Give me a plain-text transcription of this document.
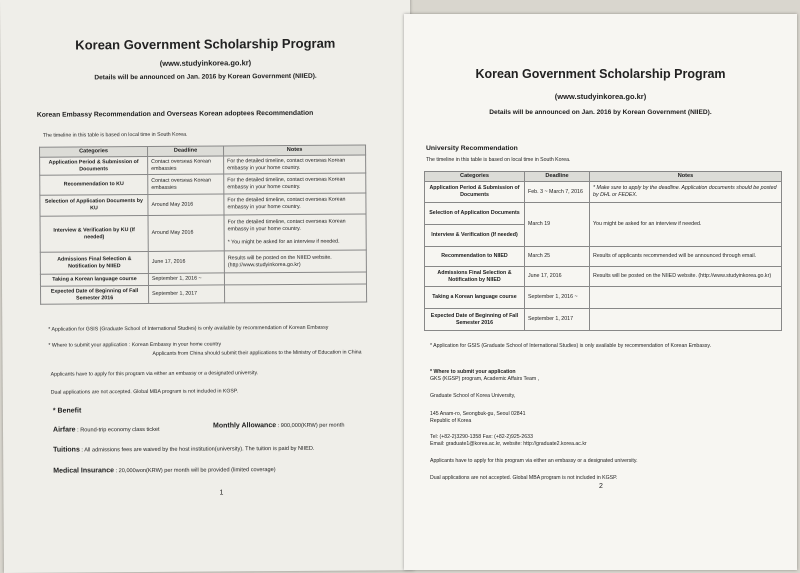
Korean Government Scholarship Program
(www.studyinkorea.go.kr)
Details will be announced on Jan. 2016 by Korean Government (NIIED).
Korean Embassy Recommendation and Overseas Korean adoptees Recommendation
The timeline in this table is based on local time in South Korea.
Categories	Deadline	Notes
Application Period & Submission of Documents	Contact overseas Korean embassies	For the detailed timeline, contact overseas Korean embassy in your home country.
Recommendation to KU	Contact overseas Korean embassies	For the detailed timeline, contact overseas Korean embassy in your home country.
Selection of Application Documents by KU	Around May 2016	For the detailed timeline, contact overseas Korean embassy in your home country.
Interview & Verification by KU (If needed)	Around May 2016	For the detailed timeline, contact overseas Korean embassy in your home country.
* You might be asked for an interview if needed.

Admissions Final Selection & Notification by NIIED	June 17, 2016	Results will be posted on the NIIED website. (http://www.studyinkorea.go.kr)
Taking a Korean language course	September 1, 2016 ~	
Expected Date of Beginning of Fall Semester 2016	September 1, 2017	
* Application for GSIS (Graduate School of International Studies) is only available by recommendation of Korean Embassy
* Where to submit your application : Korean Embassy in your home country
Applicants from China should submit their applications to the Ministry of Education in China
Applicants have to apply for this program via either an embassy or a designated university.
Dual applications are not accepted. Global MBA program is not included in KGSP.
* Benefit
Airfare : Round-trip economy class ticket
Monthly Allowance : 900,000(KRW) per month
Tuitions : All admissions fees are waived by the host institution(university). The tuition is paid by NIIED.
Medical Insurance : 20,000won(KRW) per month will be provided (limited coverage)
1
Korean Government Scholarship Program
(www.studyinkorea.go.kr)
Details will be announced on Jan. 2016 by Korean Government (NIIED).
University Recommendation
The timeline in this table is based on local time in South Korea.
Categories	Deadline	Notes
Application Period & Submission of Documents	Feb. 3 ~ March 7, 2016	* Make sure to apply by the deadline. Application documents should be posted by DHL or FEDEX.
Selection of Application Documents	March 19	You might be asked for an interview if needed.
Interview & Verification (If needed)		
Recommendation to NIIED	March 25	Results of applicants recommended will be announced through email.
Admissions Final Selection & Notification by NIIED	June 17, 2016	Results will be posted on the NIIED website. (http://www.studyinkorea.go.kr)
Taking a Korean language course	September 1, 2016 ~	
Expected Date of Beginning of Fall Semester 2016	September 1, 2017	
* Application for GSIS (Graduate School of International Studies) is only available by recommendation of Korean Embassy.
* Where to submit your application
GKS (KGSP) program, Academic Affairs Team ,
Graduate School of Korea University,
145 Anam-ro, Seongbuk-gu, Seoul 02841
Republic of Korea
Tel: (+82-2)3290-1358 Fax: (+82-2)925-2633
Email: graduate1@korea.ac.kr, website: http://graduate2.korea.ac.kr
Applicants have to apply for this program via either an embassy or a designated university.
Dual applications are not accepted. Global MBA program is not included in KGSP.
2
